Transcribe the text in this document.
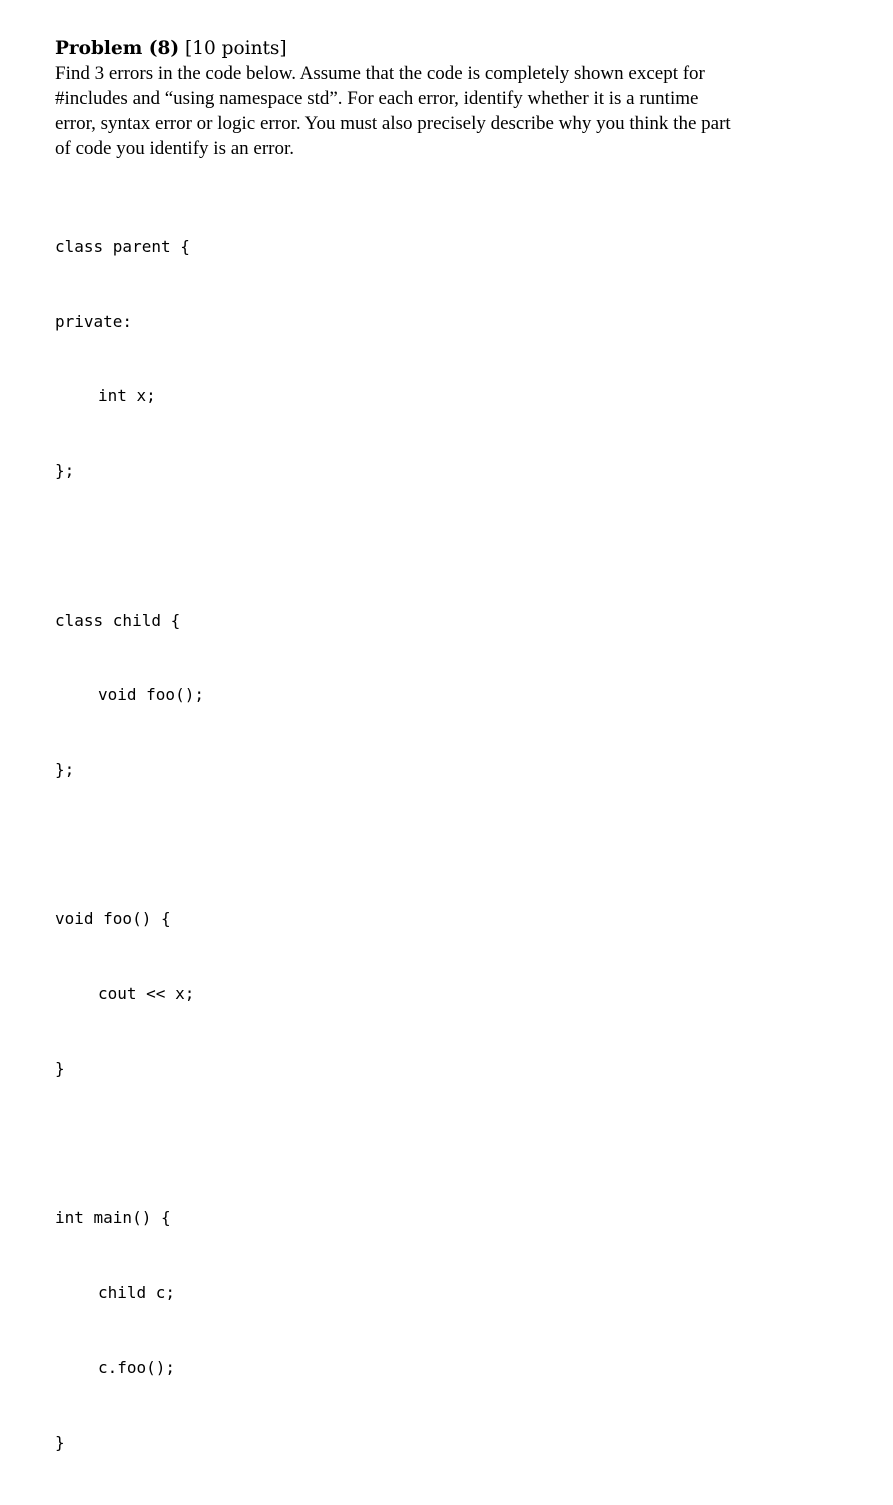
Problem (8) [10 points]

Find 3 errors in the code below. Assume that the code is completely shown except for
#includes and “using namespace std”. For each error, identify whether it is a runtime
error, syntax error or logic error. You must also precisely describe why you think the part
of code you identify is an error.

class parent {

private:

int x;

};

class child {

void foo();

};

void foo() {

cout << x;

}

int main() {

child c;

c.foo();

}
